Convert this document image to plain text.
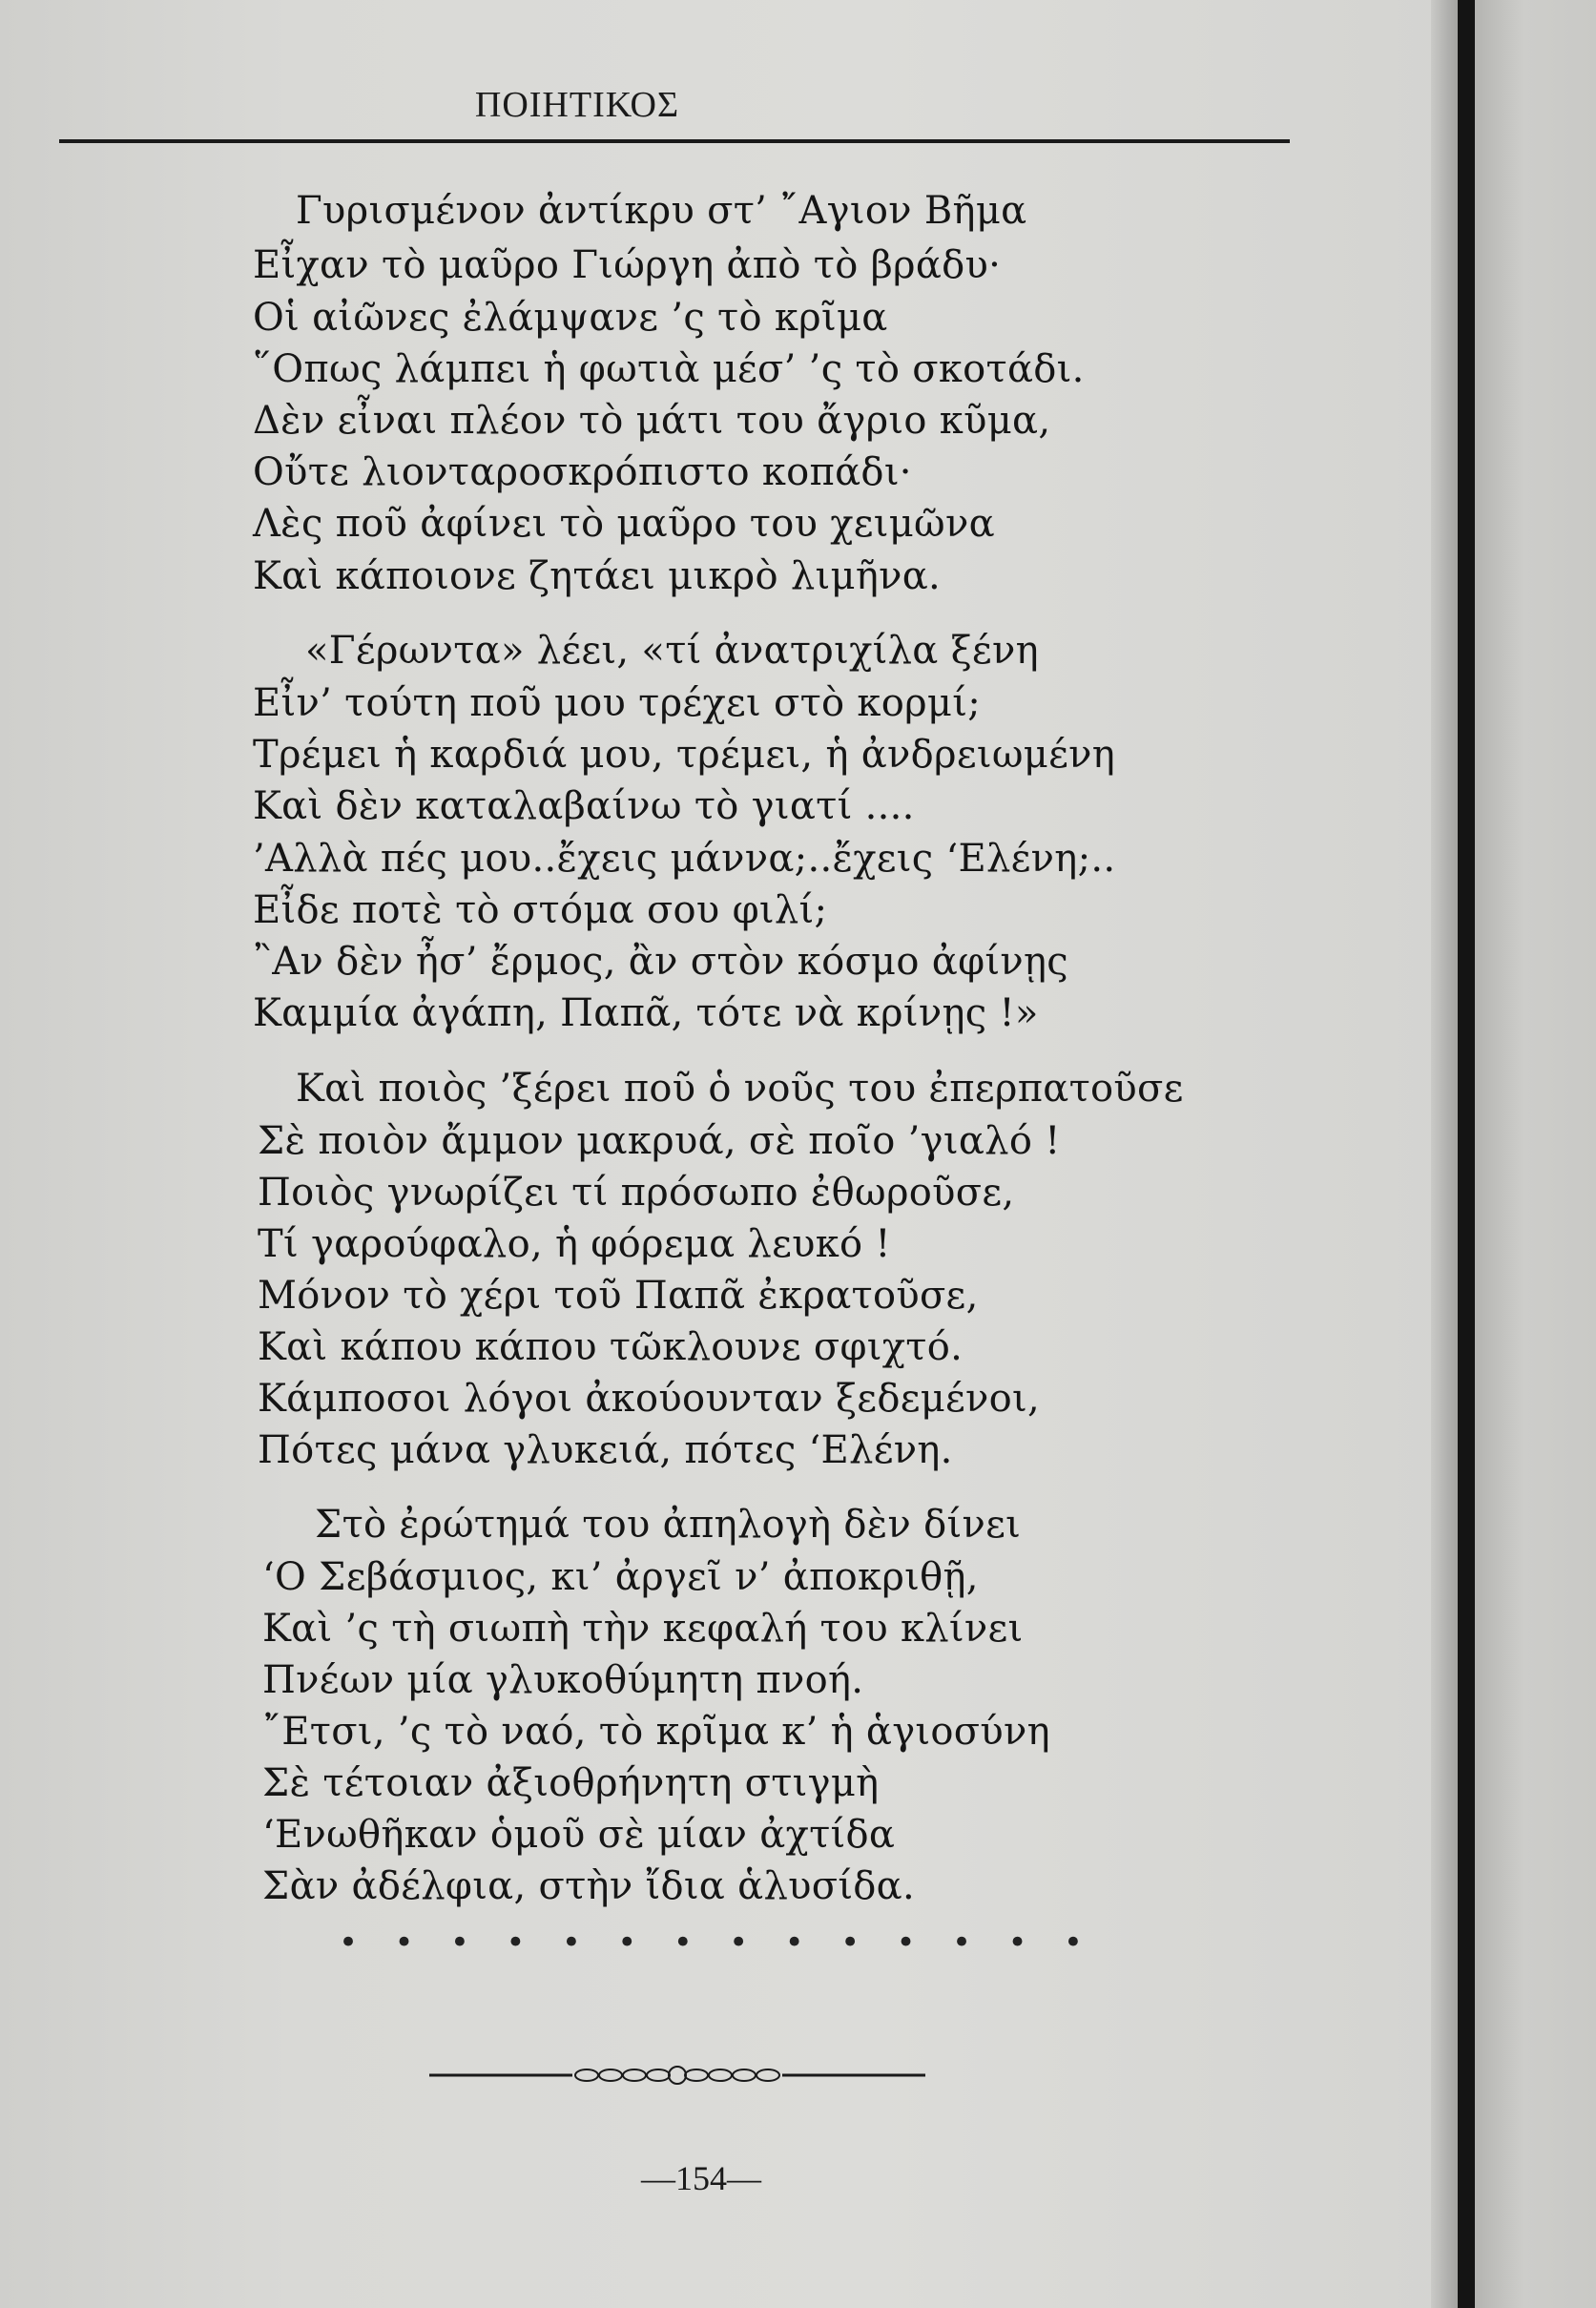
ΠΟΙΗΤΙΚΟΣ
Γυρισμένον ἀντίκρυ στ’ ῎Αγιον Βῆμα
Εἶχαν τὸ μαῦρο Γιώργη ἀπὸ τὸ βράδυ·
Οἱ αἰῶνες ἐλάμψανε ’ς τὸ κρῖμα
῞Οπως λάμπει ἡ φωτιὰ μέσ’ ’ς τὸ σκοτάδι.
Δὲν εἶναι πλέον τὸ μάτι του ἄγριο κῦμα,
Οὔτε λιονταροσκρόπιστο κοπάδι·
Λὲς ποῦ ἀφίνει τὸ μαῦρο του χειμῶνα
Καὶ κάποιονε ζητάει μικρὸ λιμῆνα.
«Γέρωντα» λέει, «τί ἀνατριχίλα ξένη
Εἶν’ τούτη ποῦ μου τρέχει στὸ κορμί;
Τρέμει ἡ καρδιά μου, τρέμει, ἡ ἀνδρειωμένη
Καὶ δὲν καταλαβαίνω τὸ γιατί ....
’Αλλὰ πές μου..ἔχεις μάννα;..ἔχεις ‘Ελένη;..
Εἶδε ποτὲ τὸ στόμα σου φιλί;
῍Αν δὲν ἦσ’ ἔρμος, ἂν στὸν κόσμο ἀφίνῃς
Καμμία ἀγάπη, Παπᾶ, τότε νὰ κρίνῃς !»
Καὶ ποιὸς ’ξέρει ποῦ ὁ νοῦς του ἐπερπατοῦσε
Σὲ ποιὸν ἄμμον μακρυά, σὲ ποῖο ’γιαλό !
Ποιὸς γνωρίζει τί πρόσωπο ἐθωροῦσε,
Τί γαρούφαλο, ἡ φόρεμα λευκό !
Μόνον τὸ χέρι τοῦ Παπᾶ ἐκρατοῦσε,
Καὶ κάπου κάπου τῶκλουνε σφιχτό.
Κάμποσοι λόγοι ἀκούουνταν ξεδεμένοι,
Πότες μάνα γλυκειά, πότες ‘Ελένη.
Στὸ ἐρώτημά του ἀπηλογὴ δὲν δίνει
‘Ο Σεβάσμιος, κι’ ἀργεῖ ν’ ἀποκριθῇ,
Καὶ ’ς τὴ σιωπὴ τὴν κεφαλή του κλίνει
Πνέων μία γλυκοθύμητη πνοή.
῎Ετσι, ’ς τὸ ναό, τὸ κρῖμα κ’ ἡ ἁγιοσύνη
Σὲ τέτοιαν ἀξιοθρήνητη στιγμὴ
‘Ενωθῆκαν ὁμοῦ σὲ μίαν ἀχτίδα
Σὰν ἀδέλφια, στὴν ἴδια ἁλυσίδα.
• • • • • • • • • • • • • •
—154—
